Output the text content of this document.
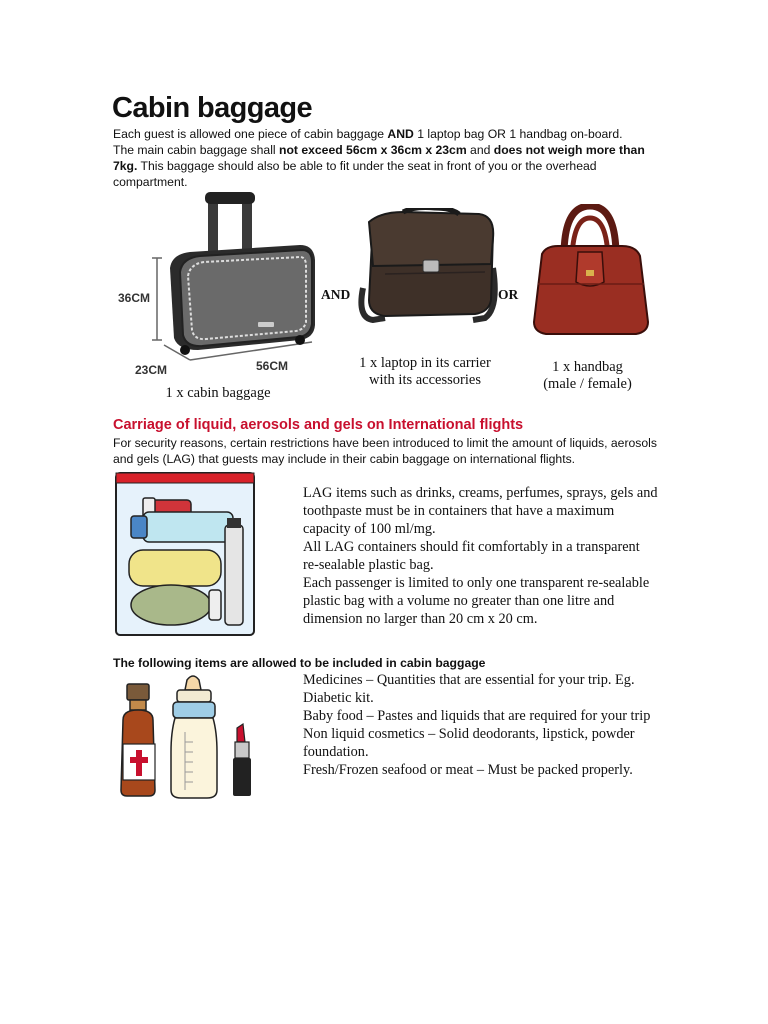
Cabin baggage
Each guest is allowed one piece of cabin baggage AND 1 laptop bag OR 1 handbag on-board.
The main cabin baggage shall not exceed 56cm x 36cm x 23cm and does not weigh more than 7kg. This baggage should also be able to fit under the seat in front of you or the overhead compartment.
36CM
23CM	56CM
AND	OR
1 x cabin baggage
1 x laptop in its carrier
with its accessories
1 x handbag
(male / female)
Carriage of liquid, aerosols and gels on International flights

For security reasons, certain restrictions have been introduced to limit the amount of liquids, aerosols and gels (LAG) that guests may include in their cabin baggage on international flights.

LAG items such as drinks, creams, perfumes, sprays, gels and toothpaste must be in containers that have a maximum capacity of 100 ml/mg.

All LAG containers should fit comfortably in a transparent re-sealable plastic bag.

Each passenger is limited to only one transparent re-sealable plastic bag with a volume no greater than one litre and dimension no larger than 20 cm x 20 cm.

The following items are allowed to be included in cabin baggage

Medicines – Quantities that are essential for your trip. Eg. Diabetic kit.

Baby food – Pastes and liquids that are required for your trip

Non liquid cosmetics – Solid deodorants, lipstick, powder foundation.

Fresh/Frozen seafood or meat – Must be packed properly.
